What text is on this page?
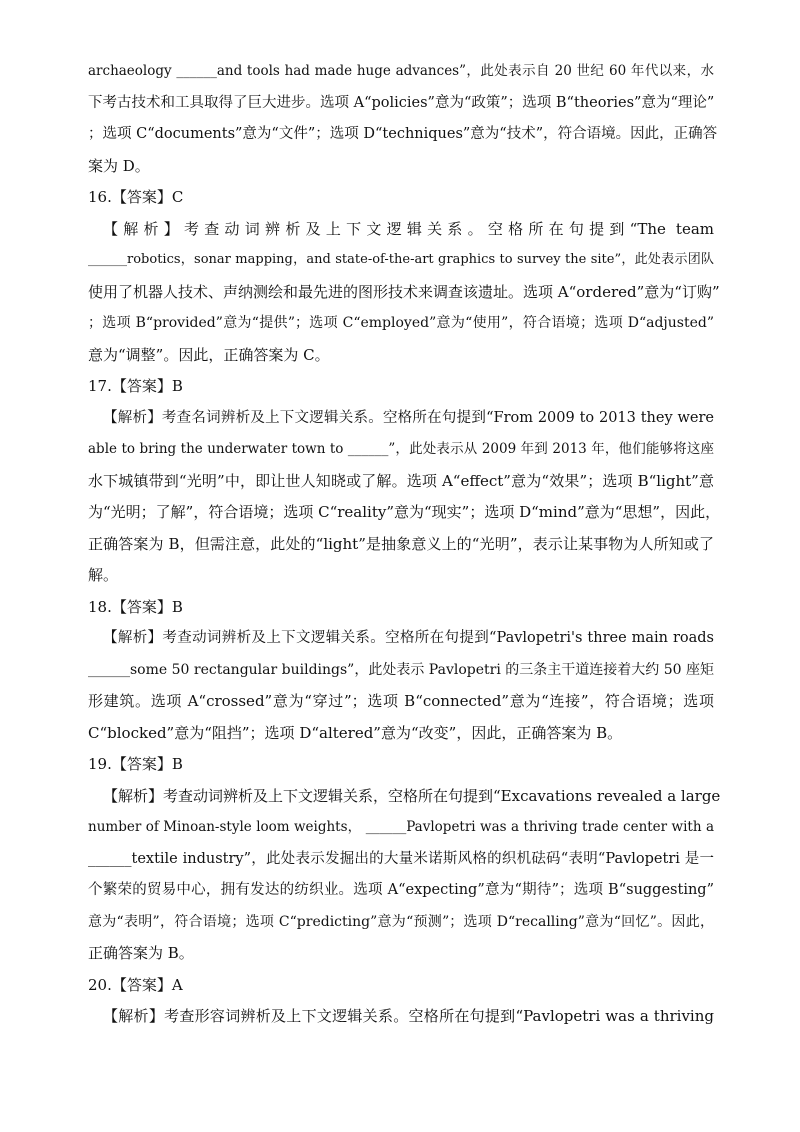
archaeology ______and tools had made huge advances”，此处表示自 20 世纪 60 年代以来，水
下考古技术和工具取得了巨大进步。选项 A“policies”意为“政策”；选项 B“theories”意为“理论”
；选项 C“documents”意为“文件”；选项 D“techniques”意为“技术”，符合语境。因此，正确答
案为 D。
16.【答案】C
【解析】考查动词辨析及上下文逻辑关系。空格所在句提到“The team
______robotics，sonar mapping，and state-of-the-art graphics to survey the site”，此处表示团队
使用了机器人技术、声纳测绘和最先进的图形技术来调查该遗址。选项 A“ordered”意为“订购”
；选项 B“provided”意为“提供”；选项 C“employed”意为“使用”，符合语境；选项 D“adjusted”
意为“调整”。因此，正确答案为 C。
17.【答案】B
【解析】考查名词辨析及上下文逻辑关系。空格所在句提到“From 2009 to 2013 they were
able to bring the underwater town to ______”，此处表示从 2009 年到 2013 年，他们能够将这座
水下城镇带到“光明”中，即让世人知晓或了解。选项 A“effect”意为“效果”；选项 B“light”意
为“光明；了解”，符合语境；选项 C“reality”意为“现实”；选项 D“mind”意为“思想”，因此，
正确答案为 B，但需注意，此处的“light”是抽象意义上的“光明”，表示让某事物为人所知或了
解。
18.【答案】B
【解析】考查动词辨析及上下文逻辑关系。空格所在句提到“Pavlopetri's three main roads
______some 50 rectangular buildings”，此处表示 Pavlopetri 的三条主干道连接着大约 50 座矩
形建筑。选项 A“crossed”意为“穿过”；选项 B“connected”意为“连接”，符合语境；选项
C“blocked”意为“阻挡”；选项 D“altered”意为“改变”，因此，正确答案为 B。
19.【答案】B
【解析】考查动词辨析及上下文逻辑关系，空格所在句提到“Excavations revealed a large
number of Minoan-style loom weights， ______Pavlopetri was a thriving trade center with a
______textile industry”，此处表示发掘出的大量米诺斯风格的织机砝码“表明“Pavlopetri 是一
个繁荣的贸易中心，拥有发达的纺织业。选项 A“expecting”意为“期待”；选项 B“suggesting”
意为“表明”，符合语境；选项 C“predicting”意为“预测”；选项 D“recalling”意为“回忆”。因此，
正确答案为 B。
20.【答案】A
【解析】考查形容词辨析及上下文逻辑关系。空格所在句提到“Pavlopetri was a thriving
